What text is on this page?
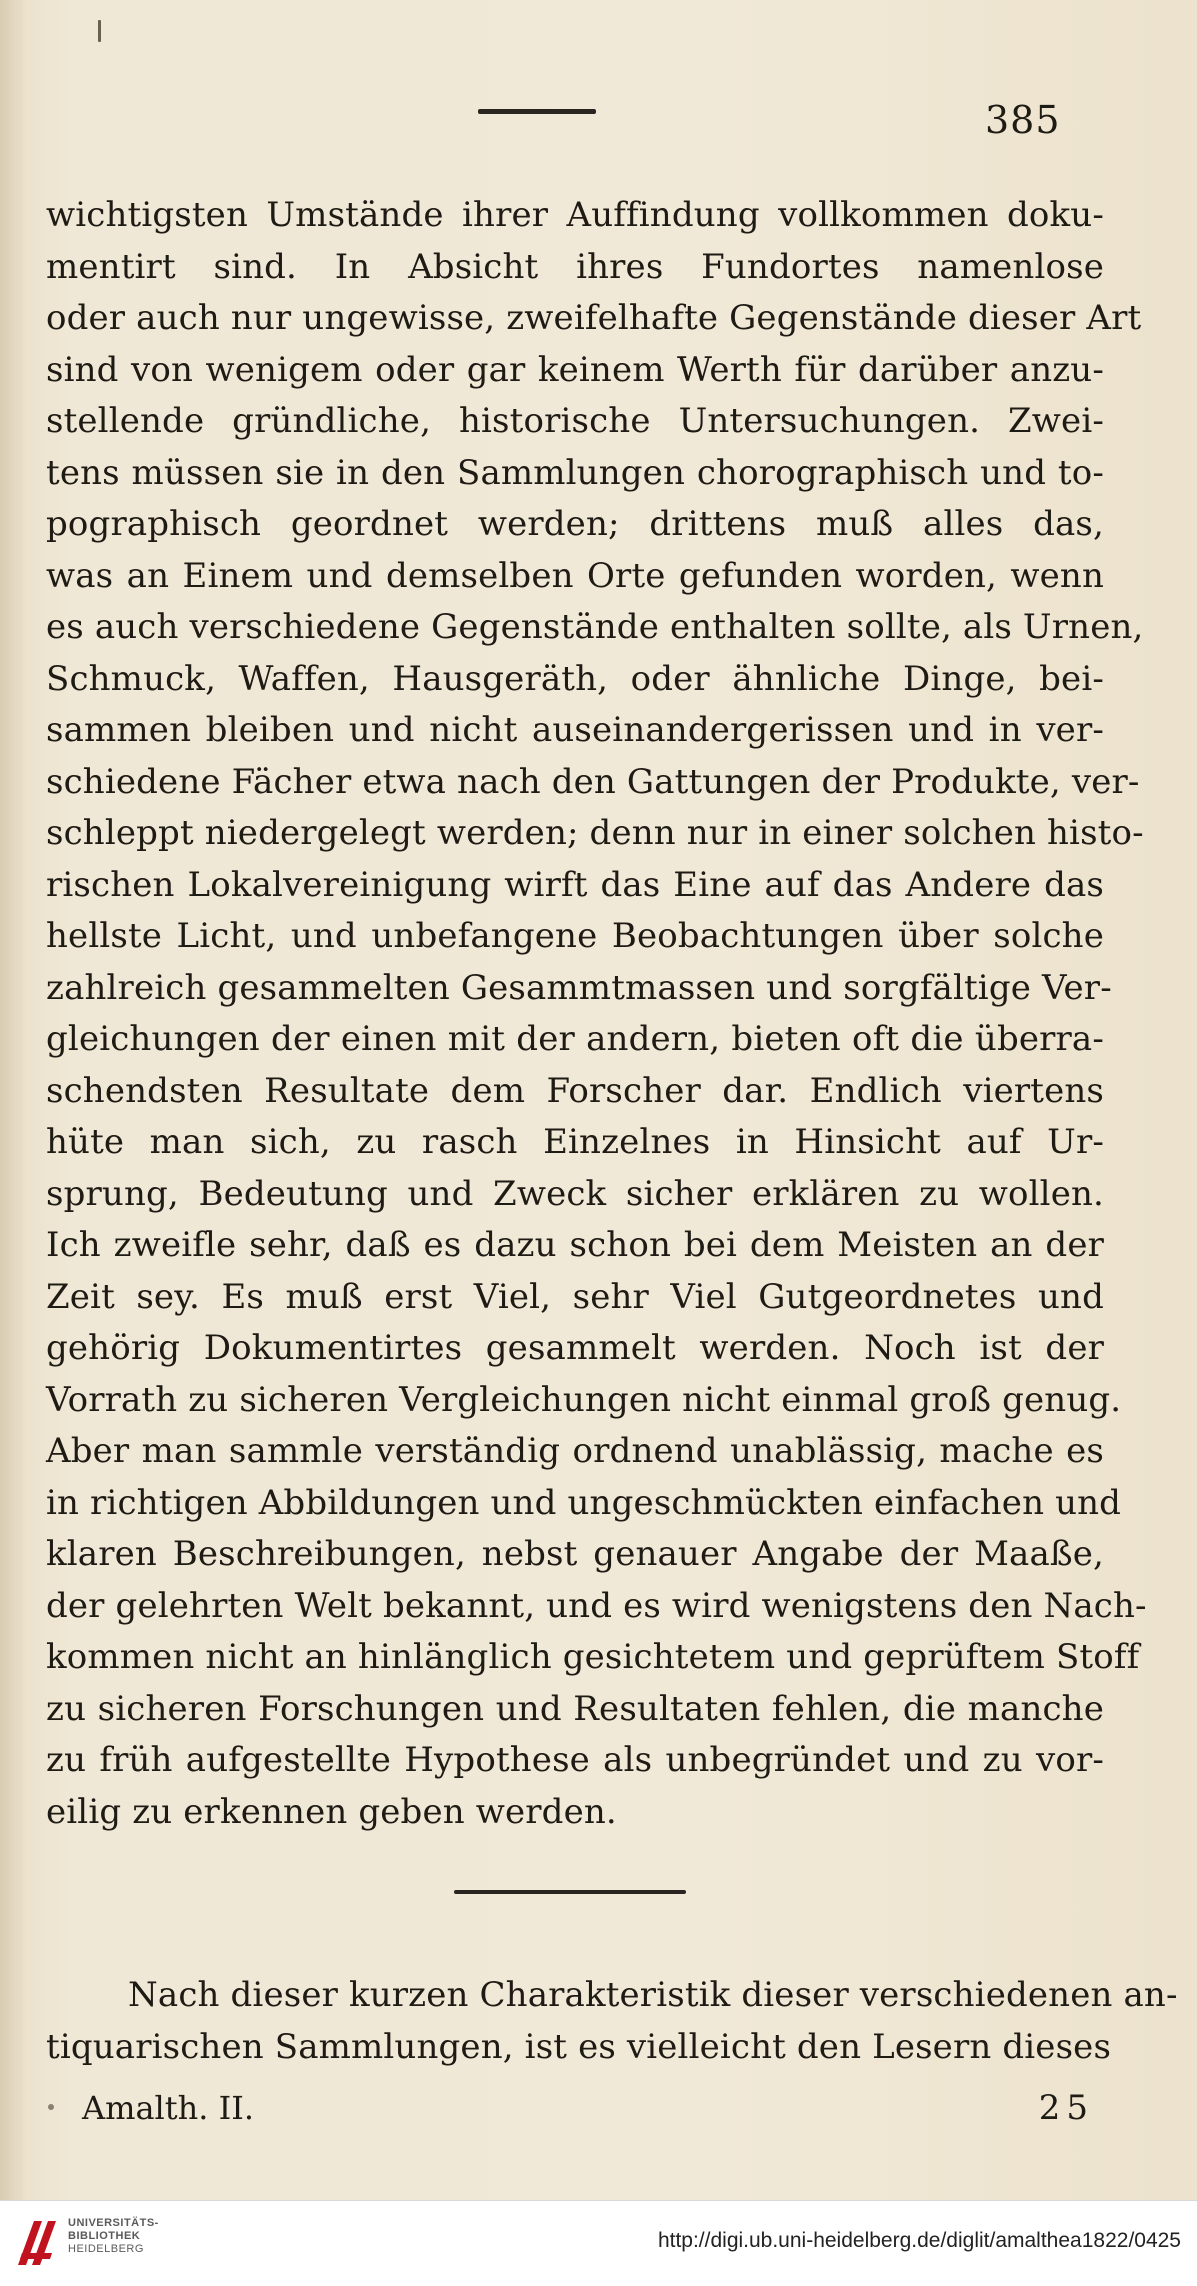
385
wichtigsten Umstände ihrer Auffindung vollkommen doku-
mentirt sind. In Absicht ihres Fundortes namenlose
oder auch nur ungewisse, zweifelhafte Gegenstände dieser Art
sind von wenigem oder gar keinem Werth für darüber anzu-
stellende gründliche, historische Untersuchungen. Zwei-
tens müssen sie in den Sammlungen chorographisch und to-
pographisch geordnet werden; drittens muß alles das,
was an Einem und demselben Orte gefunden worden, wenn
es auch verschiedene Gegenstände enthalten sollte, als Urnen,
Schmuck, Waffen, Hausgeräth, oder ähnliche Dinge, bei-
sammen bleiben und nicht auseinandergerissen und in ver-
schiedene Fächer etwa nach den Gattungen der Produkte, ver-
schleppt niedergelegt werden; denn nur in einer solchen histo-
rischen Lokalvereinigung wirft das Eine auf das Andere das
hellste Licht, und unbefangene Beobachtungen über solche
zahlreich gesammelten Gesammtmassen und sorgfältige Ver-
gleichungen der einen mit der andern, bieten oft die überra-
schendsten Resultate dem Forscher dar. Endlich viertens
hüte man sich, zu rasch Einzelnes in Hinsicht auf Ur-
sprung, Bedeutung und Zweck sicher erklären zu wollen.
Ich zweifle sehr, daß es dazu schon bei dem Meisten an der
Zeit sey. Es muß erst Viel, sehr Viel Gutgeordnetes und
gehörig Dokumentirtes gesammelt werden. Noch ist der
Vorrath zu sicheren Vergleichungen nicht einmal groß genug.
Aber man sammle verständig ordnend unablässig, mache es
in richtigen Abbildungen und ungeschmückten einfachen und
klaren Beschreibungen, nebst genauer Angabe der Maaße,
der gelehrten Welt bekannt, und es wird wenigstens den Nach-
kommen nicht an hinlänglich gesichtetem und geprüftem Stoff
zu sicheren Forschungen und Resultaten fehlen, die manche
zu früh aufgestellte Hypothese als unbegründet und zu vor-
eilig zu erkennen geben werden.
Nach dieser kurzen Charakteristik dieser verschiedenen an-
tiquarischen Sammlungen, ist es vielleicht den Lesern dieses
Amalth. II.	25
UNIVERSITÄTS-
BIBLIOTHEK
HEIDELBERG	http://digi.ub.uni-heidelberg.de/diglit/amalthea1822/0425
